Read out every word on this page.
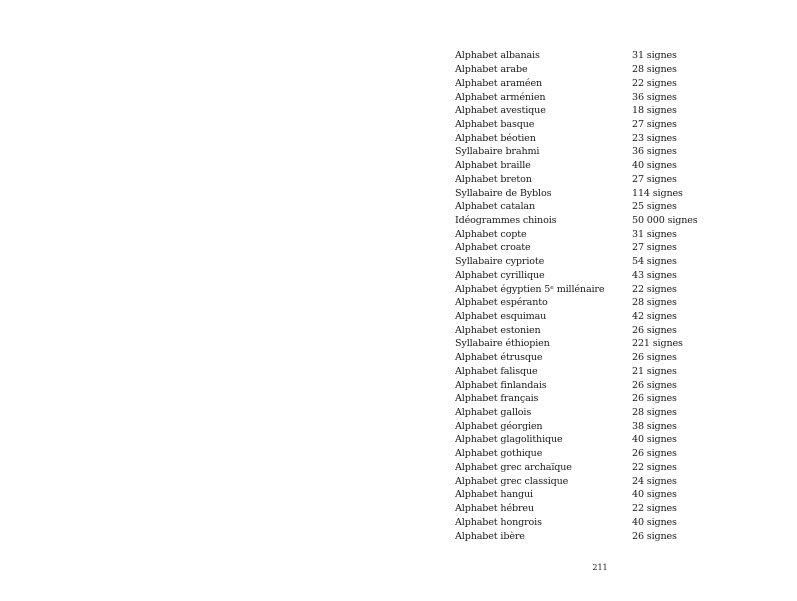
Alphabet albanais	31 signes
Alphabet arabe	28 signes
Alphabet araméen	22 signes
Alphabet arménien	36 signes
Alphabet avestique	18 signes
Alphabet basque	27 signes
Alphabet béotien	23 signes
Syllabaire brahmi	36 signes
Alphabet braille	40 signes
Alphabet breton	27 signes
Syllabaire de Byblos	114 signes
Alphabet catalan	25 signes
Idéogrammes chinois	50 000 signes
Alphabet copte	31 signes
Alphabet croate	27 signes
Syllabaire cypriote	54 signes
Alphabet cyrillique	43 signes
Alphabet égyptien 5ᵉ millénaire	22 signes
Alphabet espéranto	28 signes
Alphabet esquimau	42 signes
Alphabet estonien	26 signes
Syllabaire éthiopien	221 signes
Alphabet étrusque	26 signes
Alphabet falisque	21 signes
Alphabet finlandais	26 signes
Alphabet français	26 signes
Alphabet gallois	28 signes
Alphabet géorgien	38 signes
Alphabet glagolithique	40 signes
Alphabet gothique	26 signes
Alphabet grec archaïque	22 signes
Alphabet grec classique	24 signes
Alphabet hangui	40 signes
Alphabet hébreu	22 signes
Alphabet hongrois	40 signes
Alphabet ibère	26 signes
211
